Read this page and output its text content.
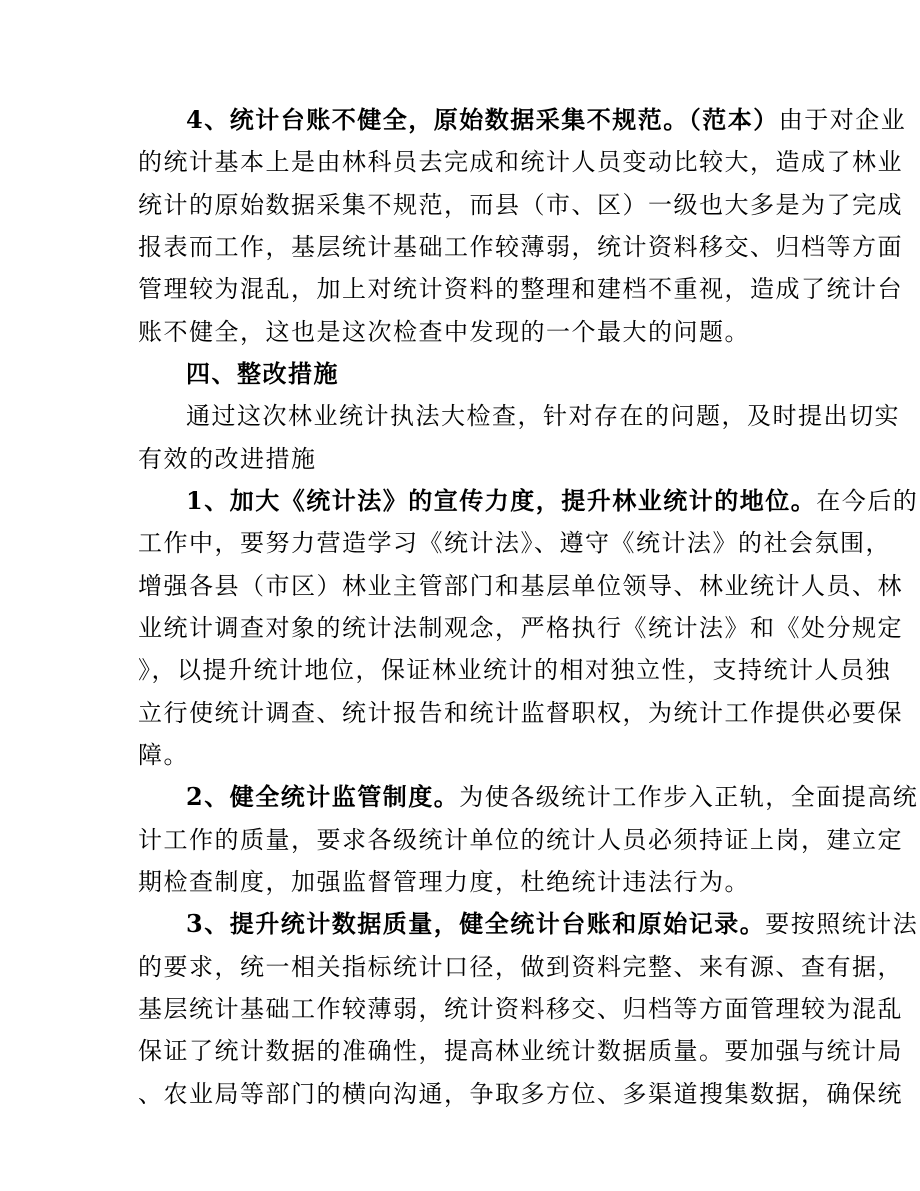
4、统计台账不健全，原始数据采集不规范。（范本）由于对企业
的统计基本上是由林科员去完成和统计人员变动比较大，造成了林业
统计的原始数据采集不规范，而县（市、区）一级也大多是为了完成
报表而工作，基层统计基础工作较薄弱，统计资料移交、归档等方面
管理较为混乱，加上对统计资料的整理和建档不重视，造成了统计台
账不健全，这也是这次检查中发现的一个最大的问题。
四、整改措施
通过这次林业统计执法大检查，针对存在的问题，及时提出切实
有效的改进措施
1、加大《统计法》的宣传力度，提升林业统计的地位。在今后的
工作中，要努力营造学习《统计法》、遵守《统计法》的社会氛围，
增强各县（市区）林业主管部门和基层单位领导、林业统计人员、林
业统计调查对象的统计法制观念，严格执行《统计法》和《处分规定
》，以提升统计地位，保证林业统计的相对独立性，支持统计人员独
立行使统计调查、统计报告和统计监督职权，为统计工作提供必要保
障。
2、健全统计监管制度。为使各级统计工作步入正轨，全面提高统
计工作的质量，要求各级统计单位的统计人员必须持证上岗，建立定
期检查制度，加强监督管理力度，杜绝统计违法行为。
3、提升统计数据质量，健全统计台账和原始记录。要按照统计法
的要求，统一相关指标统计口径，做到资料完整、来有源、查有据，
基层统计基础工作较薄弱，统计资料移交、归档等方面管理较为混乱
保证了统计数据的准确性，提高林业统计数据质量。要加强与统计局
、农业局等部门的横向沟通，争取多方位、多渠道搜集数据，确保统
